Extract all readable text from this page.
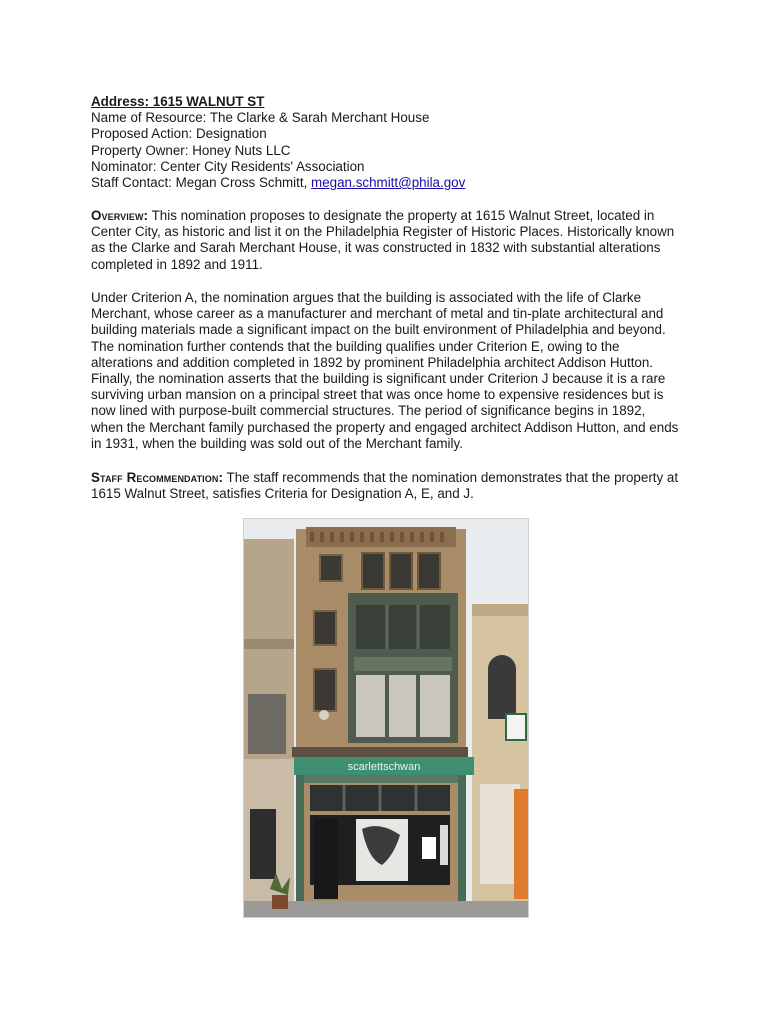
Address: 1615 WALNUT ST
Name of Resource: The Clarke & Sarah Merchant House
Proposed Action: Designation
Property Owner: Honey Nuts LLC
Nominator: Center City Residents' Association
Staff Contact: Megan Cross Schmitt, megan.schmitt@phila.gov

Overview: This nomination proposes to designate the property at 1615 Walnut Street, located in Center City, as historic and list it on the Philadelphia Register of Historic Places. Historically known as the Clarke and Sarah Merchant House, it was constructed in 1832 with substantial alterations completed in 1892 and 1911.

Under Criterion A, the nomination argues that the building is associated with the life of Clarke Merchant, whose career as a manufacturer and merchant of metal and tin-plate architectural and building materials made a significant impact on the built environment of Philadelphia and beyond. The nomination further contends that the building qualifies under Criterion E, owing to the alterations and addition completed in 1892 by prominent Philadelphia architect Addison Hutton. Finally, the nomination asserts that the building is significant under Criterion J because it is a rare surviving urban mansion on a principal street that was once home to expensive residences but is now lined with purpose-built commercial structures. The period of significance begins in 1892, when the Merchant family purchased the property and engaged architect Addison Hutton, and ends in 1931, when the building was sold out of the Merchant family.

Staff Recommendation: The staff recommends that the nomination demonstrates that the property at 1615 Walnut Street, satisfies Criteria for Designation A, E, and J.

scarlettschwan
